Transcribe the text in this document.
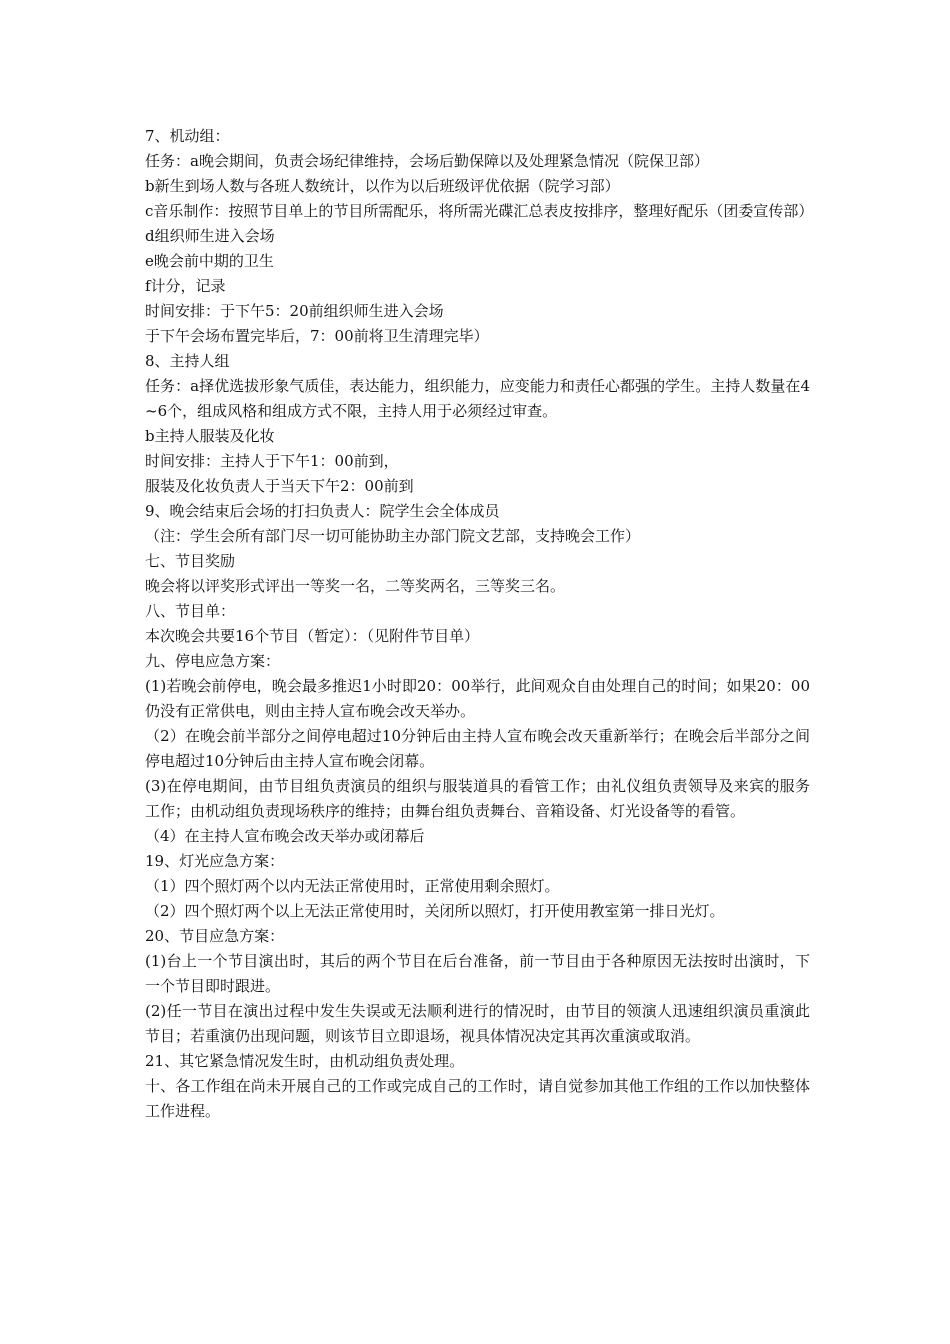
7、机动组：

任务：a晚会期间，负责会场纪律维持，会场后勤保障以及处理紧急情况（院保卫部）

b新生到场人数与各班人数统计，以作为以后班级评优依据（院学习部）

c音乐制作：按照节目单上的节目所需配乐，将所需光碟汇总表皮按排序，整理好配乐（团委宣传部）

d组织师生进入会场

e晚会前中期的卫生

f计分，记录

时间安排：于下午5：20前组织师生进入会场

于下午会场布置完毕后，7：00前将卫生清理完毕）

8、主持人组

任务：a择优选拔形象气质佳，表达能力，组织能力，应变能力和责任心都强的学生。主持人数量在4~6个，组成风格和组成方式不限，主持人用于必须经过审查。

b主持人服装及化妆

时间安排：主持人于下午1：00前到，

服装及化妆负责人于当天下午2：00前到

9、晚会结束后会场的打扫负责人：院学生会全体成员

（注：学生会所有部门尽一切可能协助主办部门院文艺部，支持晚会工作）

七、节目奖励

晚会将以评奖形式评出一等奖一名，二等奖两名，三等奖三名。

八、节目单：

本次晚会共要16个节目（暂定）：（见附件节目单）

九、停电应急方案：

(1)若晚会前停电，晚会最多推迟1小时即20：00举行，此间观众自由处理自己的时间；如果20：00仍没有正常供电，则由主持人宣布晚会改天举办。

（2）在晚会前半部分之间停电超过10分钟后由主持人宣布晚会改天重新举行；在晚会后半部分之间停电超过10分钟后由主持人宣布晚会闭幕。

(3)在停电期间，由节目组负责演员的组织与服装道具的看管工作；由礼仪组负责领导及来宾的服务工作；由机动组负责现场秩序的维持；由舞台组负责舞台、音箱设备、灯光设备等的看管。

（4）在主持人宣布晚会改天举办或闭幕后

19、灯光应急方案：

（1）四个照灯两个以内无法正常使用时，正常使用剩余照灯。

（2）四个照灯两个以上无法正常使用时，关闭所以照灯，打开使用教室第一排日光灯。

20、节目应急方案：

(1)台上一个节目演出时，其后的两个节目在后台准备，前一节目由于各种原因无法按时出演时，下一个节目即时跟进。

(2)任一节目在演出过程中发生失误或无法顺利进行的情况时，由节目的领演人迅速组织演员重演此节目；若重演仍出现问题，则该节目立即退场，视具体情况决定其再次重演或取消。

21、其它紧急情况发生时，由机动组负责处理。

十、各工作组在尚未开展自己的工作或完成自己的工作时，请自觉参加其他工作组的工作以加快整体工作进程。
